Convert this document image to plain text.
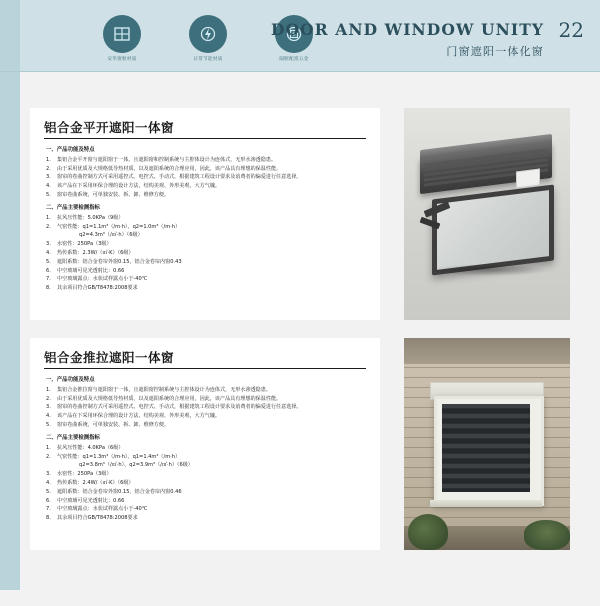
安华窗框材质	日常节能材质	隔断配准五金
DOOR AND WINDOW UNITY
门窗遮阳一体化窗
22
铝合金平开遮阳一体窗
一、产品功能及特点
1. 集铝合金平开窗与遮阳窗于一体，且遮阳窗和控制系统与主腔体设计为连体式，无形水渗透隐患。
2. 由于采用优质及大规格低导热材质，以及遮阳系统的合理应用，因此，该产品具有理想的保温性能。
3. 窗帘的卷曲控制方式可采用遥控式、电控式、手动式，根据建筑工程设计要求及消费者的偏爱进行任意选择。
4. 该产品在下采用环保合理的设计方法，结构美观、外形美观，大方气魄。
5. 窗帘卷曲系统，可单独安装、拆、卸、维修方便。
二、产品主要检测指标
1. 抗风压性能：5.0KPa（9级）
2. 气密性能：q1=1.1m³（/m·h）、q2=1.0m³（/m·h）
q2=4.3m³（/㎡·h）（6级）
3. 水密性：250Pa（3级）
4. 热传系数：2.3W/（㎡·K）（6级）
5. 遮阳系数：铝合金卷帘外窗0.15，铝合金卷帘内窗0.43
6. 中空玻璃可见光透射比：0.66
7. 中空玻璃露点：水状试样露点小于-40℃
8. 其余项目符合GB/T8478:2008要求
铝合金推拉遮阳一体窗
一、产品功能及特点
1. 集铝合金推拉窗与遮阳窗于一体，且遮阳窗控制系统与主腔体设计为连体式，无形水渗透隐患。
2. 由于采用优质及大规格低导热材质，以及遮阳系统的合理应用，因此，该产品具有理想的保温性能。
3. 窗帘的卷曲控制方式可采用遥控式、电控式、手动式，根据建筑工程设计要求及消费者的偏爱进行任意选择。
4. 该产品在下采用环保合理的设计方法，结构美观、外形美观，大方气魄。
5. 窗帘卷曲系统，可单独安装、拆、卸、维修方便。
二、产品主要检测指标
1. 抗风压性能：4.0KPa（6级）
2. 气密性能：q1=1.3m³（/m·h）、q1=1.4m³（/m·h）
q2=3.8m³（/㎡·h）、q2=3.9m³（/㎡·h）（6级）
3. 水密性：250Pa（3级）
4. 热传系数：2.4W/（㎡·K）（6级）
5. 遮阳系数：铝合金卷帘外窗0.15，铝合金卷帘内窗0.46
6. 中空玻璃可见光透射比：0.66
7. 中空玻璃露点：水状试样露点小于-40℃
8. 其余项目符合GB/T8478:2008要求
